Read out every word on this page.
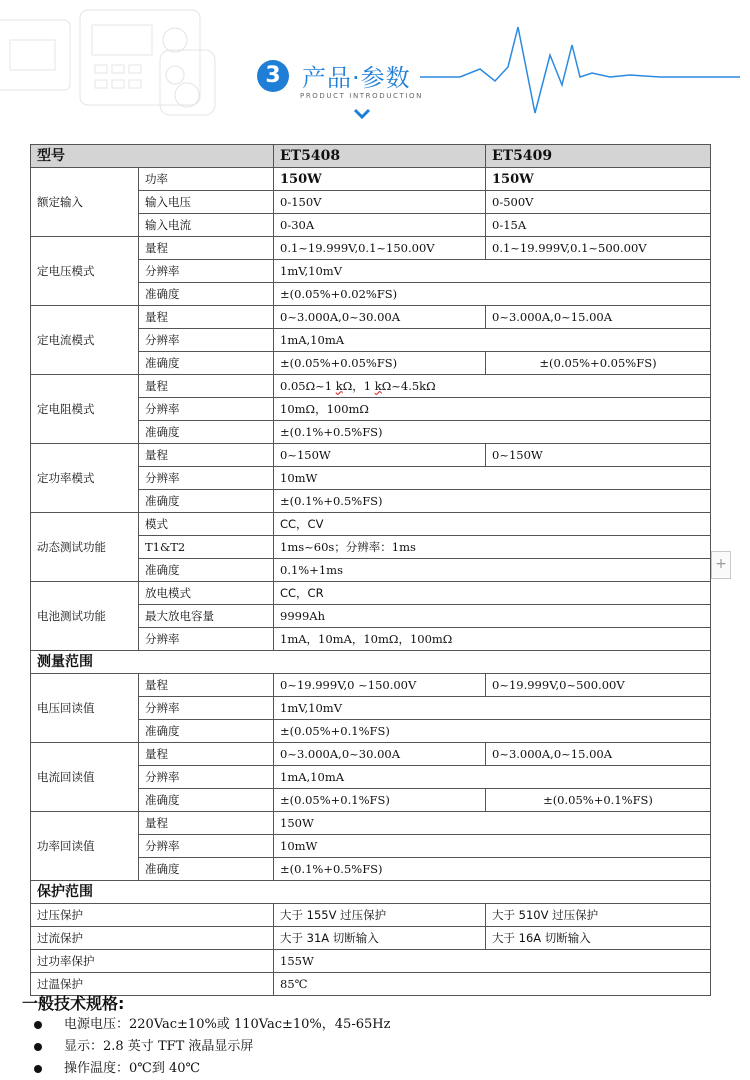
3 产品·参数
PRODUCT INTRODUCTION
型号		ET5408	ET5409
额定输入	功率	150W	150W
	输入电压	0-150V	0-500V
	输入电流	0-30A	0-15A
定电压模式	量程	0.1~19.999V,0.1~150.00V	0.1~19.999V,0.1~500.00V
	分辨率	1mV,10mV	
	准确度	±(0.05%+0.02%FS)	
定电流模式	量程	0~3.000A,0~30.00A	0~3.000A,0~15.00A
	分辨率	1mA,10mA	
	准确度	±(0.05%+0.05%FS)	±(0.05%+0.05%FS)
定电阻模式	量程	0.05Ω~1 kΩ，1 kΩ~4.5kΩ	
	分辨率	10mΩ，100mΩ	
	准确度	±(0.1%+0.5%FS)	
定功率模式	量程	0~150W	0~150W
	分辨率	10mW	
	准确度	±(0.1%+0.5%FS)	
动态测试功能	模式	CC，CV	
	T1&T2	1ms~60s；分辨率：1ms	
	准确度	0.1%+1ms	
电池测试功能	放电模式	CC，CR	
	最大放电容量	9999Ah	
	分辨率	1mA，10mA，10mΩ，100mΩ	
测量范围			
电压回读值	量程	0~19.999V,0 ~150.00V	0~19.999V,0~500.00V
	分辨率	1mV,10mV	
	准确度	±(0.05%+0.1%FS)	
电流回读值	量程	0~3.000A,0~30.00A	0~3.000A,0~15.00A
	分辨率	1mA,10mA	
	准确度	±(0.05%+0.1%FS)	±(0.05%+0.1%FS)
功率回读值	量程	150W	
	分辨率	10mW	
	准确度	±(0.1%+0.5%FS)	
保护范围			
过压保护		大于 155V 过压保护	大于 510V 过压保护
过流保护		大于 31A 切断输入	大于 16A 切断输入
过功率保护		155W	
过温保护		85℃	
+
一般技术规格:
电源电压：220Vac±10%或 110Vac±10%，45-65Hz
显示：2.8 英寸 TFT 液晶显示屏
操作温度：0℃到 40℃
